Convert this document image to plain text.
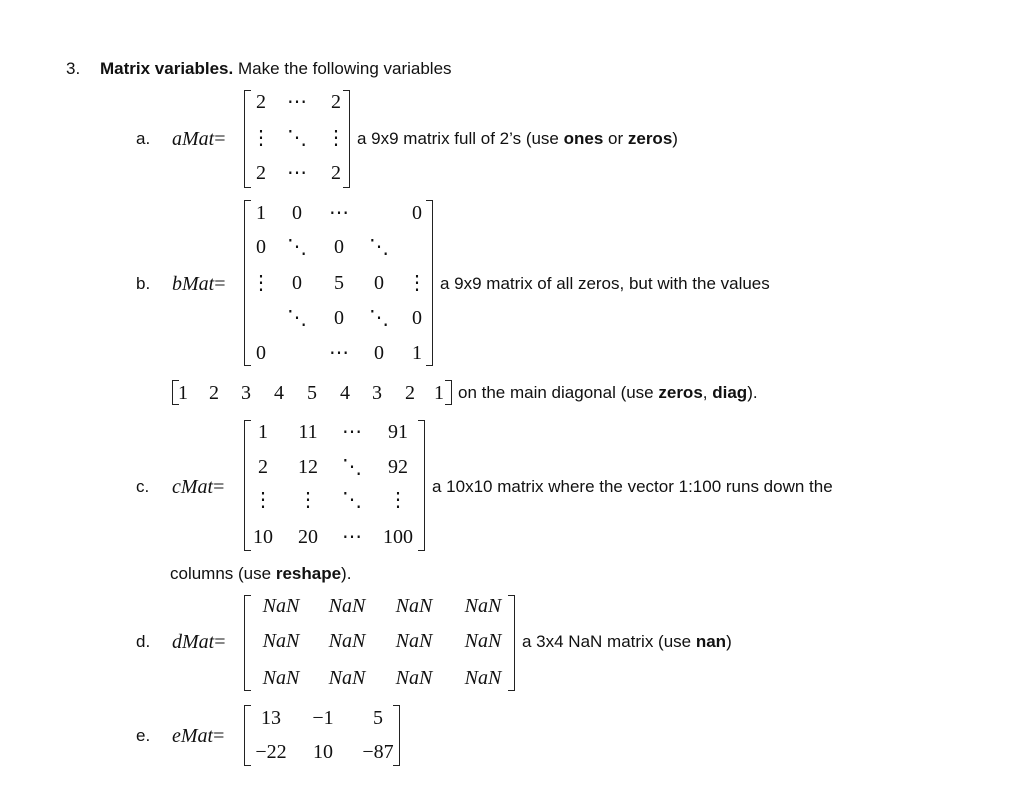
3. Matrix variables. Make the following variables
a. aMat=
2 ⋯ 2
⋮ ⋱ ⋮
2 ⋯ 2
a 9x9 matrix full of 2’s (use ones or zeros)
b. bMat=
1 0 ⋯	0
0 ⋱ 0 ⋱
⋮ 0 5 0 ⋮
⋱ 0 ⋱ 0
0	⋯ 0 1
a 9x9 matrix of all zeros, but with the values
1 2 3 4 5 4 3 2 1 on the main diagonal (use zeros, diag).
c. cMat=
1 11 ⋯ 91
2 12 ⋱ 92
⋮ ⋮ ⋱ ⋮
10 20 ⋯ 100
a 10x10 matrix where the vector 1:100 runs down the
columns (use reshape).
d. dMat=
NaN NaN NaN NaN
NaN NaN NaN NaN
NaN NaN NaN NaN
a 3x4 NaN matrix (use nan)
e. eMat=
13 −1 5
−22 10 −87
